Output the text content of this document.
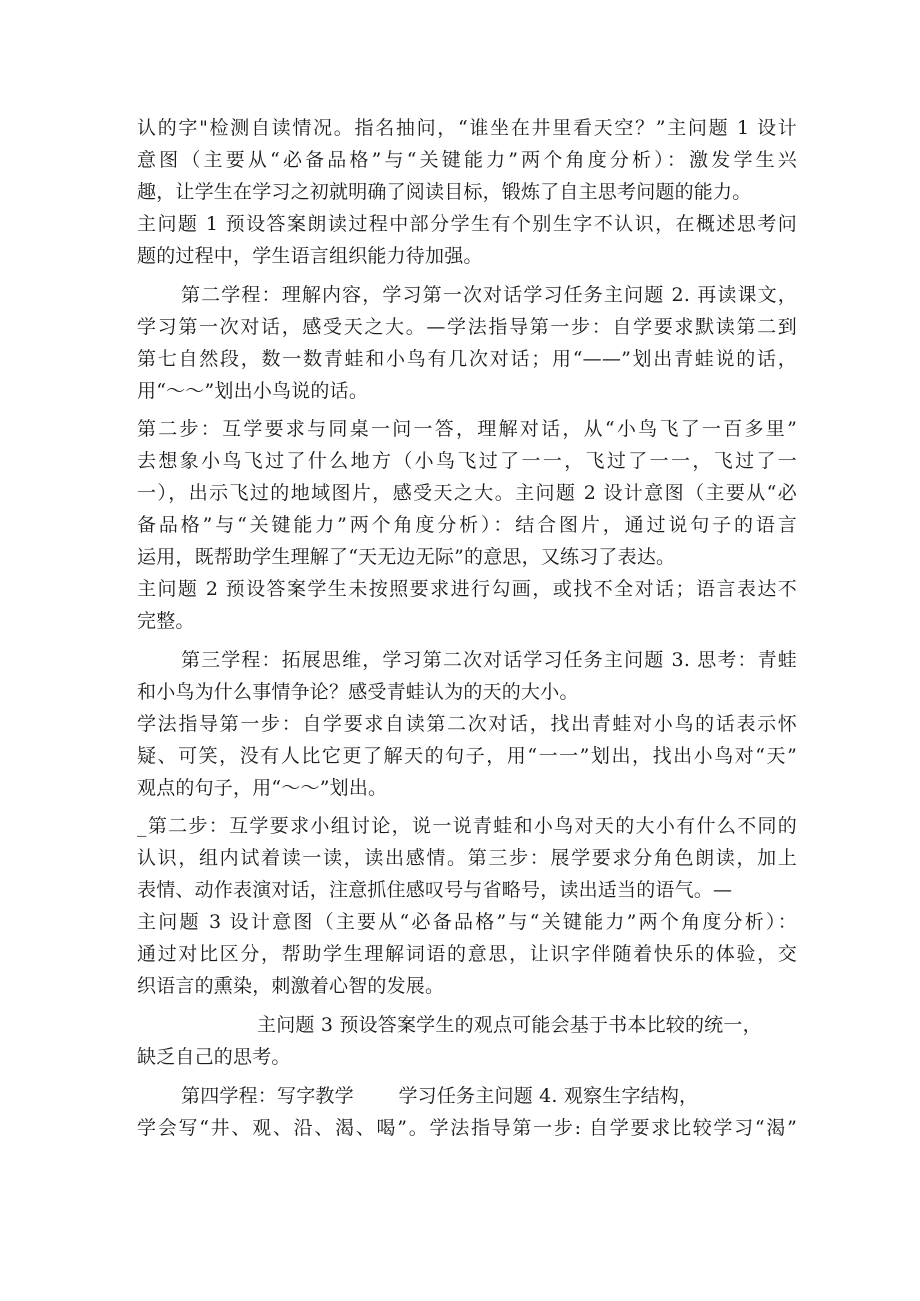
认的字"检测自读情况。指名抽问，“谁坐在井里看天空？”主问题 1 设计
意图（主要从“必备品格”与“关键能力”两个角度分析）：激发学生兴
趣，让学生在学习之初就明确了阅读目标，锻炼了自主思考问题的能力。
主问题 1 预设答案朗读过程中部分学生有个别生字不认识，在概述思考问
题的过程中，学生语言组织能力待加强。
第二学程：理解内容，学习第一次对话学习任务主问题 2. 再读课文，
学习第一次对话，感受天之大。—学法指导第一步：自学要求默读第二到
第七自然段，数一数青蛙和小鸟有几次对话；用“——”划出青蛙说的话，
用“～～”划出小鸟说的话。
第二步：互学要求与同桌一问一答，理解对话，从“小鸟飞了一百多里”
去想象小鸟飞过了什么地方（小鸟飞过了一一，飞过了一一，飞过了一
一），出示飞过的地域图片，感受天之大。主问题 2 设计意图（主要从“必
备品格”与“关键能力”两个角度分析）：结合图片，通过说句子的语言
运用，既帮助学生理解了“天无边无际”的意思，又练习了表达。
主问题 2 预设答案学生未按照要求进行勾画，或找不全对话；语言表达不
完整。
第三学程：拓展思维，学习第二次对话学习任务主问题 3. 思考：青蛙
和小鸟为什么事情争论？感受青蛙认为的天的大小。
学法指导第一步：自学要求自读第二次对话，找出青蛙对小鸟的话表示怀
疑、可笑，没有人比它更了解天的句子，用“一一”划出，找出小鸟对“天”
观点的句子，用“～～”划出。
_第二步：互学要求小组讨论，说一说青蛙和小鸟对天的大小有什么不同的
认识，组内试着读一读，读出感情。第三步：展学要求分角色朗读，加上
表情、动作表演对话，注意抓住感叹号与省略号，读出适当的语气。—
主问题 3 设计意图（主要从“必备品格”与“关键能力”两个角度分析）：
通过对比区分，帮助学生理解词语的意思，让识字伴随着快乐的体验，交
织语言的熏染，刺激着心智的发展。
主问题 3 预设答案学生的观点可能会基于书本比较的统一，
缺乏自己的思考。
第四学程：写字教学　　 学习任务主问题 4. 观察生字结构，
学会写“井、观、沿、渴、喝”。学法指导第一步: 自学要求比较学习“渴”
